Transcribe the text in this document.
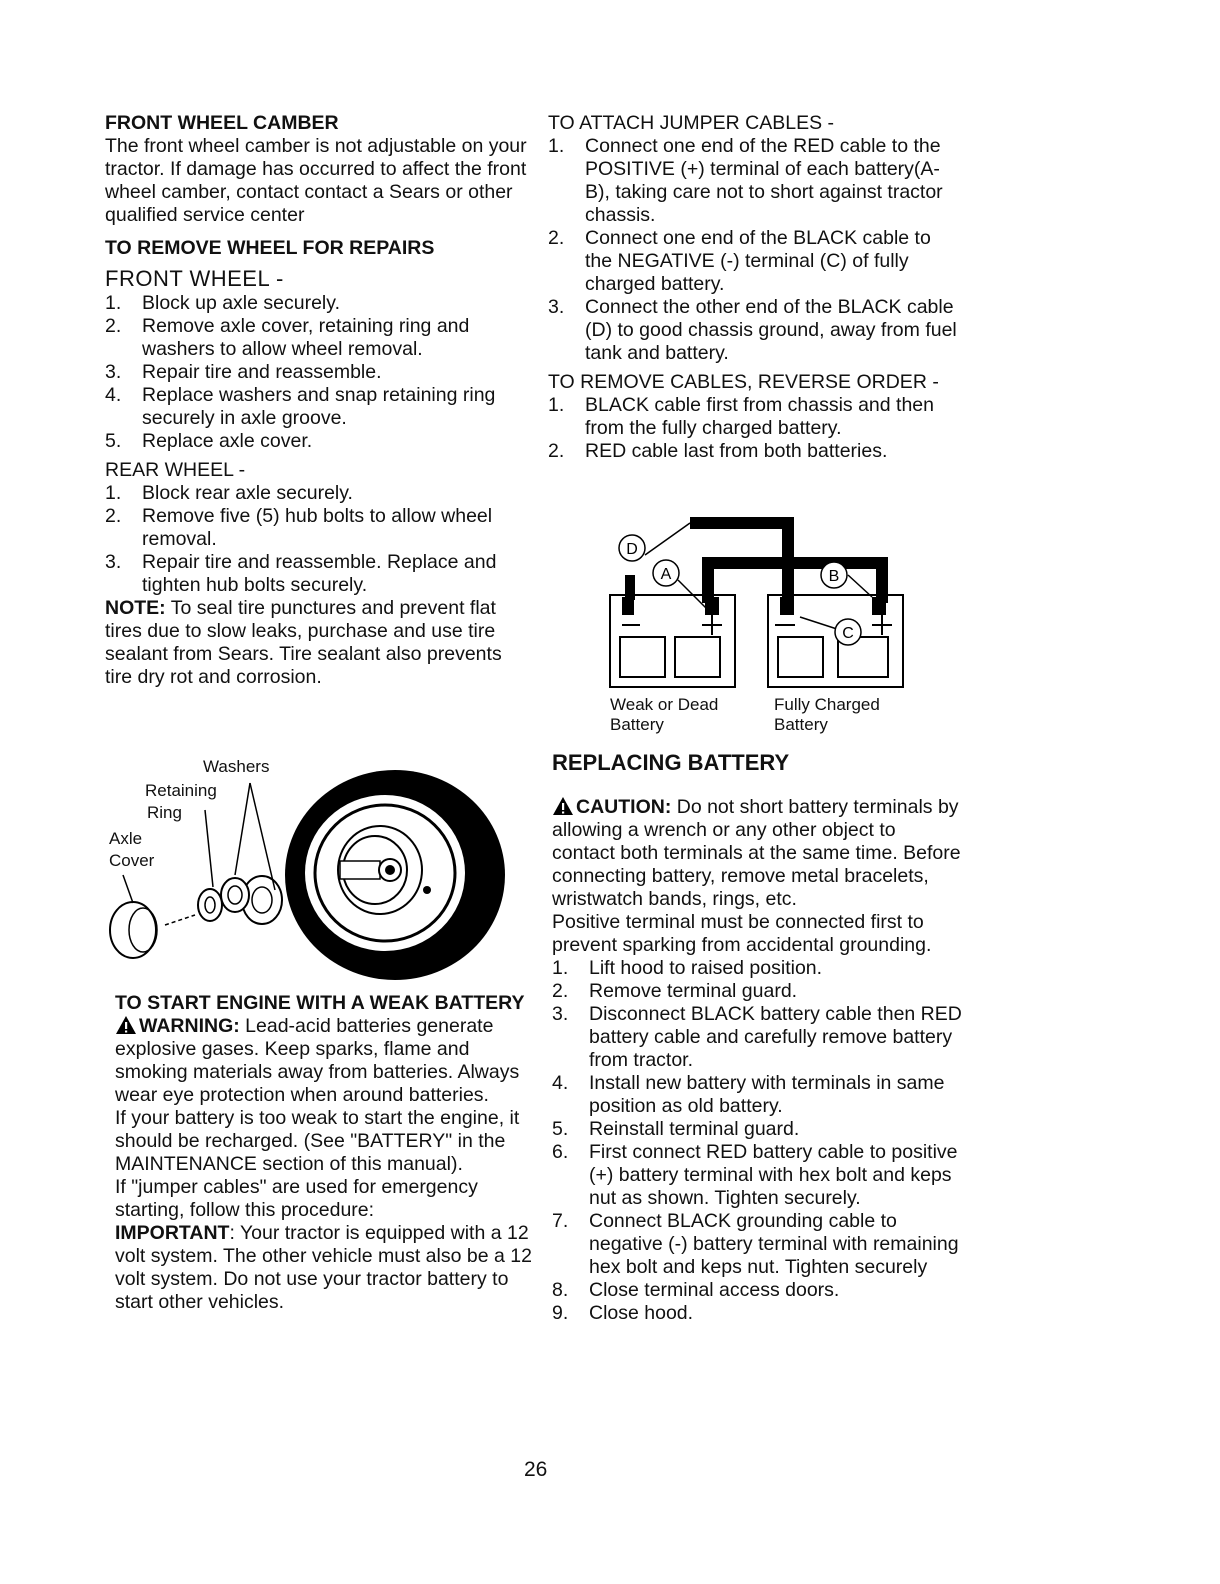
FRONT WHEEL CAMBER

The front wheel camber is not adjustable on your tractor. If damage has occurred to affect the front wheel camber, contact contact a Sears or other qualified service center

TO REMOVE WHEEL FOR REPAIRS

FRONT WHEEL -

1. Block up axle securely.
2. Remove axle cover, retaining ring and washers to allow wheel removal.
3. Repair tire and reassemble.
4. Replace washers and snap retaining ring securely in axle groove.
5. Replace axle cover.

REAR WHEEL -

1. Block rear axle securely.
2. Remove five (5) hub bolts to allow wheel removal.
3. Repair tire and reassemble. Replace and tighten hub bolts securely.

NOTE: To seal tire punctures and prevent flat tires due to slow leaks, purchase and use tire sealant from Sears. Tire sealant also prevents tire dry rot and corrosion.

Washers
Retaining
Ring
Axle
Cover

TO START ENGINE WITH A WEAK BATTERY

WARNING: Lead-acid batteries generate explosive gases. Keep sparks, flame and smoking materials away from batteries. Always wear eye protection when around batteries.

If your battery is too weak to start the engine, it should be recharged. (See "BATTERY" in the MAINTENANCE section of this manual).

If "jumper cables" are used for emergency starting, follow this procedure:

IMPORTANT: Your tractor is equipped with a 12 volt system. The other vehicle must also be a 12 volt system. Do not use your tractor battery to start other vehicles.

TO ATTACH JUMPER CABLES -

1. Connect one end of the RED cable to the POSITIVE (+) terminal of each battery(A-B), taking care not to short against tractor chassis.
2. Connect one end of the BLACK cable to the NEGATIVE (-) terminal (C) of fully charged battery.
3. Connect the other end of the BLACK cable (D) to good chassis ground, away from fuel tank and battery.

TO REMOVE CABLES, REVERSE ORDER -

1. BLACK cable first from chassis and then from the fully charged battery.
2. RED cable last from both batteries.
D
A	B
C
Weak or Dead
Battery
Fully Charged
Battery

REPLACING BATTERY

CAUTION: Do not short battery terminals by allowing a wrench or any other object to contact both terminals at the same time. Before connecting battery, remove metal bracelets, wristwatch bands, rings, etc.

Positive terminal must be connected first to prevent sparking from accidental grounding.

1. Lift hood to raised position.
2. Remove terminal guard.
3. Disconnect BLACK battery cable then RED battery cable and carefully remove battery from tractor.
4. Install new battery with terminals in same position as old battery.
5. Reinstall terminal guard.
6. First connect RED battery cable to positive (+) battery terminal with hex bolt and keps nut as shown. Tighten securely.
7. Connect BLACK grounding cable to negative (-) battery terminal with remaining hex bolt and keps nut. Tighten securely
8. Close terminal access doors.
9. Close hood.
26
